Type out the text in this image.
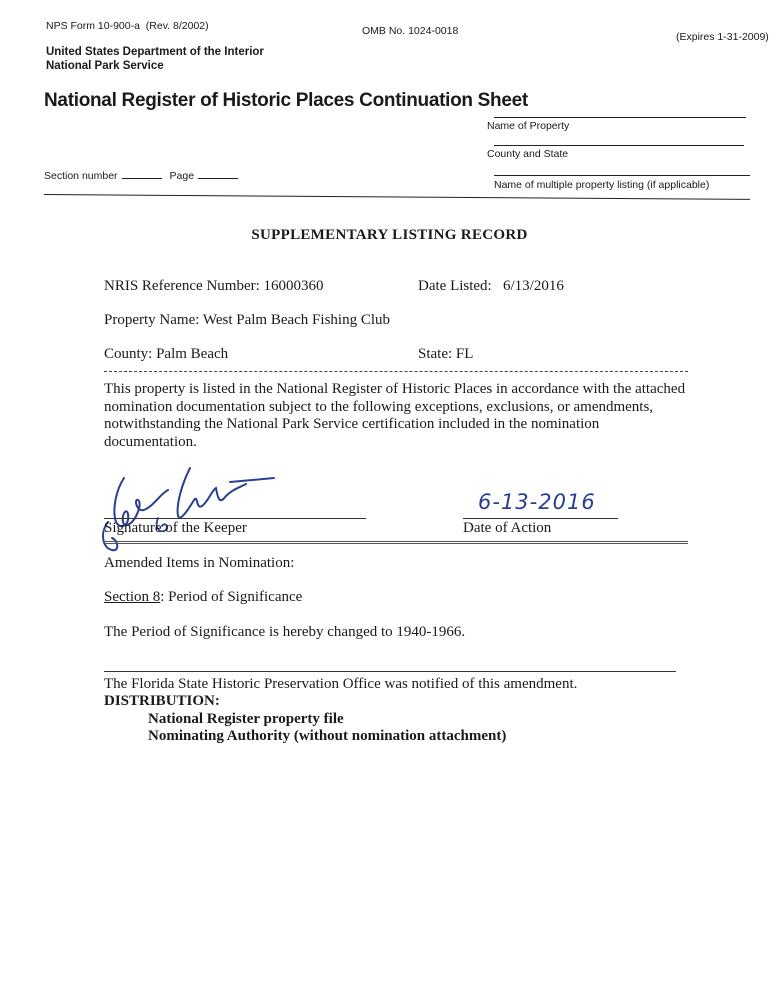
NPS Form 10-900-a (Rev. 8/2002)	OMB No. 1024-0018	(Expires 1-31-2009)
United States Department of the Interior
National Park Service
National Register of Historic Places Continuation Sheet
Name of Property
County and State
Section number	Page
Name of multiple property listing (if applicable)
SUPPLEMENTARY LISTING RECORD
NRIS Reference Number: 16000360	Date Listed: 6/13/2016
Property Name: West Palm Beach Fishing Club
County: Palm Beach	State: FL
This property is listed in the National Register of Historic Places in accordance with the attached nomination documentation subject to the following exceptions, exclusions, or amendments, notwithstanding the National Park Service certification included in the nomination documentation.
Signature of the Keeper
6-13-2016
Date of Action
Amended Items in Nomination:
Section 8: Period of Significance
The Period of Significance is hereby changed to 1940-1966.
The Florida State Historic Preservation Office was notified of this amendment.
DISTRIBUTION:
National Register property file
Nominating Authority (without nomination attachment)
